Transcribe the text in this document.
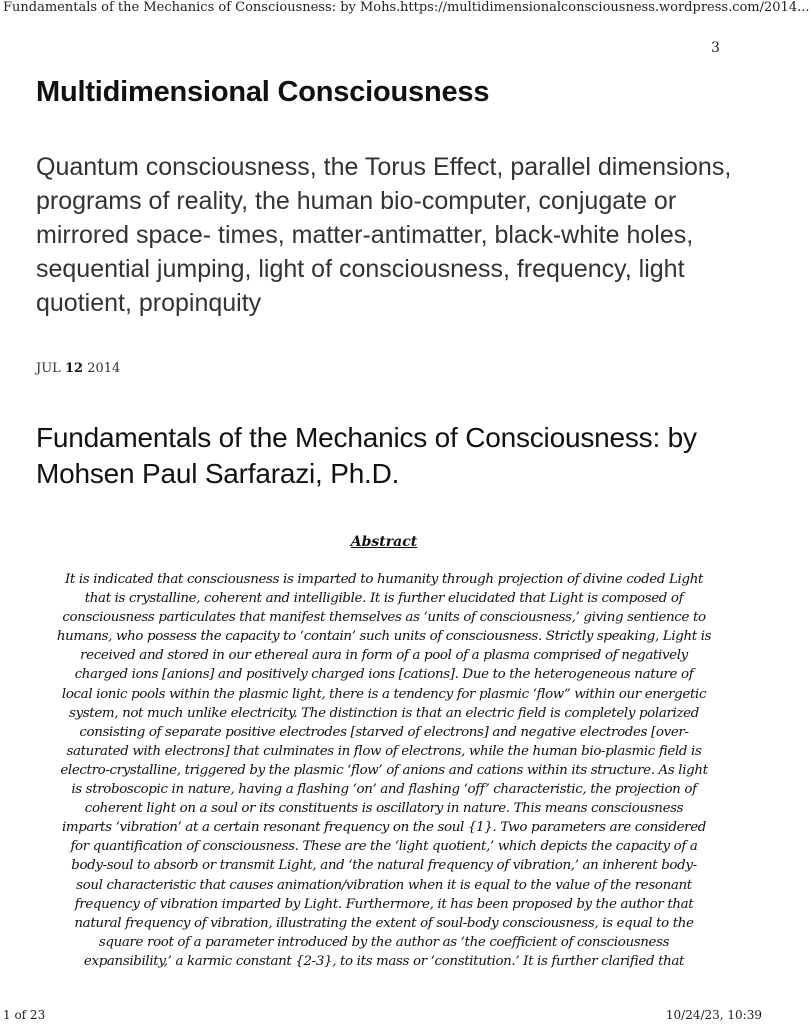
Fundamentals of the Mechanics of Consciousness: by Mohs...
https://multidimensionalconsciousness.wordpress.com/2014...
3
Multidimensional Consciousness

Quantum consciousness, the Torus Effect, parallel dimensions, programs of reality, the human bio-computer, conjugate or mirrored space- times, matter-antimatter, black-white holes, sequential jumping, light of consciousness, frequency, light quotient, propinquity

JUL 12 2014
Fundamentals of the Mechanics of Consciousness: by Mohsen Paul Sarfarazi, Ph.D.
Abstract

It is indicated that consciousness is imparted to humanity through projection of divine coded Light
that is crystalline, coherent and intelligible. It is further elucidated that Light is composed of
consciousness particulates that manifest themselves as ‘units of consciousness,’ giving sentience to
humans, who possess the capacity to ‘contain’ such units of consciousness. Strictly speaking, Light is
received and stored in our ethereal aura in form of a pool of a plasma comprised of negatively
charged ions [anions] and positively charged ions [cations]. Due to the heterogeneous nature of
local ionic pools within the plasmic light, there is a tendency for plasmic ‘flow” within our energetic
system, not much unlike electricity. The distinction is that an electric field is completely polarized
consisting of separate positive electrodes [starved of electrons] and negative electrodes [over-
saturated with electrons] that culminates in flow of electrons, while the human bio-plasmic field is
electro-crystalline, triggered by the plasmic ‘flow’ of anions and cations within its structure. As light
is stroboscopic in nature, having a flashing ‘on’ and flashing ‘off’ characteristic, the projection of
coherent light on a soul or its constituents is oscillatory in nature. This means consciousness
imparts ‘vibration’ at a certain resonant frequency on the soul {1}. Two parameters are considered
for quantification of consciousness. These are the ‘light quotient,’ which depicts the capacity of a
body-soul to absorb or transmit Light, and ‘the natural frequency of vibration,’ an inherent body-
soul characteristic that causes animation/vibration when it is equal to the value of the resonant
frequency of vibration imparted by Light. Furthermore, it has been proposed by the author that
natural frequency of vibration, illustrating the extent of soul-body consciousness, is equal to the
square root of a parameter introduced by the author as ‘the coefficient of consciousness
expansibility,’ a karmic constant {2-3}, to its mass or ‘constitution.’ It is further clarified that

1 of 23	10/24/23, 10:39
